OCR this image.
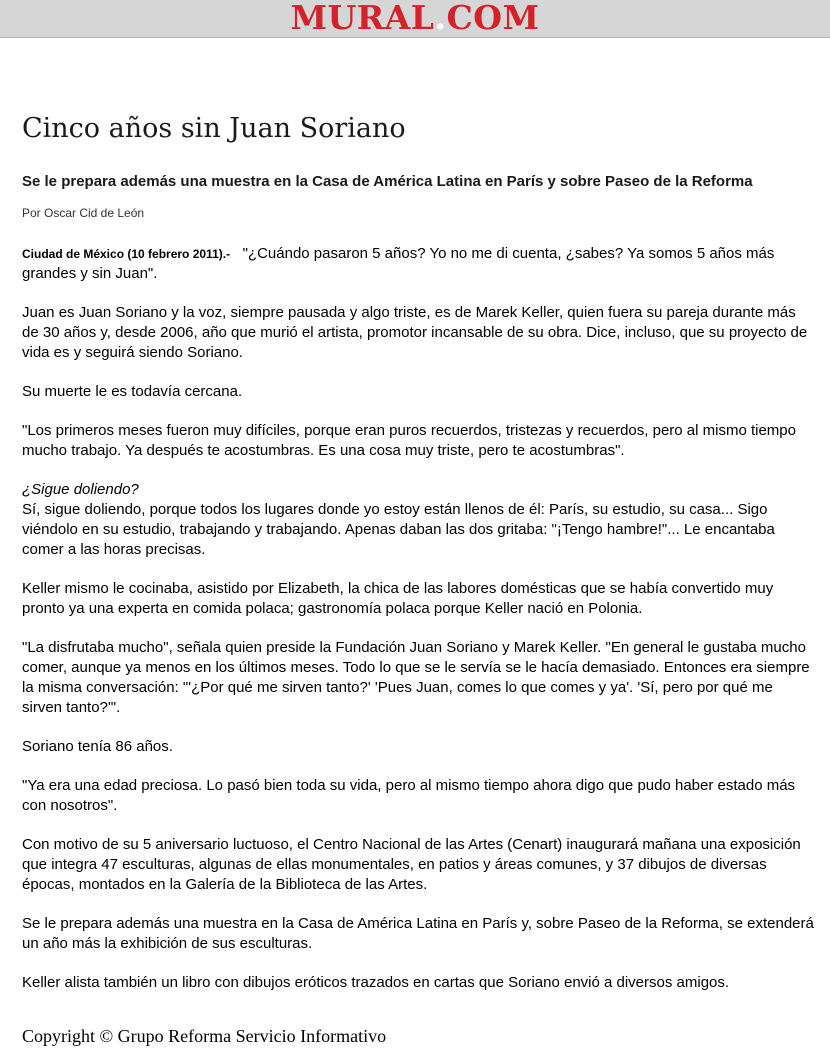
MURAL.COM
Cinco años sin Juan Soriano
Se le prepara además una muestra en la Casa de América Latina en París y sobre Paseo de la Reforma
Por Oscar Cid de León

Ciudad de México (10 febrero 2011).- "¿Cuándo pasaron 5 años? Yo no me di cuenta, ¿sabes? Ya somos 5 años más grandes y sin Juan".

Juan es Juan Soriano y la voz, siempre pausada y algo triste, es de Marek Keller, quien fuera su pareja durante más de 30 años y, desde 2006, año que murió el artista, promotor incansable de su obra. Dice, incluso, que su proyecto de vida es y seguirá siendo Soriano.

Su muerte le es todavía cercana.

"Los primeros meses fueron muy difíciles, porque eran puros recuerdos, tristezas y recuerdos, pero al mismo tiempo mucho trabajo. Ya después te acostumbras. Es una cosa muy triste, pero te acostumbras".

¿Sigue doliendo?
Sí, sigue doliendo, porque todos los lugares donde yo estoy están llenos de él: París, su estudio, su casa... Sigo viéndolo en su estudio, trabajando y trabajando. Apenas daban las dos gritaba: "¡Tengo hambre!"... Le encantaba comer a las horas precisas.

Keller mismo le cocinaba, asistido por Elizabeth, la chica de las labores domésticas que se había convertido muy pronto ya una experta en comida polaca; gastronomía polaca porque Keller nació en Polonia.

"La disfrutaba mucho", señala quien preside la Fundación Juan Soriano y Marek Keller. "En general le gustaba mucho comer, aunque ya menos en los últimos meses. Todo lo que se le servía se le hacía demasiado. Entonces era siempre la misma conversación: "'¿Por qué me sirven tanto?' 'Pues Juan, comes lo que comes y ya'. 'Sí, pero por qué me sirven tanto?'".

Soriano tenía 86 años.

"Ya era una edad preciosa. Lo pasó bien toda su vida, pero al mismo tiempo ahora digo que pudo haber estado más con nosotros".

Con motivo de su 5 aniversario luctuoso, el Centro Nacional de las Artes (Cenart) inaugurará mañana una exposición que integra 47 esculturas, algunas de ellas monumentales, en patios y áreas comunes, y 37 dibujos de diversas épocas, montados en la Galería de la Biblioteca de las Artes.

Se le prepara además una muestra en la Casa de América Latina en París y, sobre Paseo de la Reforma, se extenderá un año más la exhibición de sus esculturas.

Keller alista también un libro con dibujos eróticos trazados en cartas que Soriano envió a diversos amigos.

Copyright © Grupo Reforma Servicio Informativo
